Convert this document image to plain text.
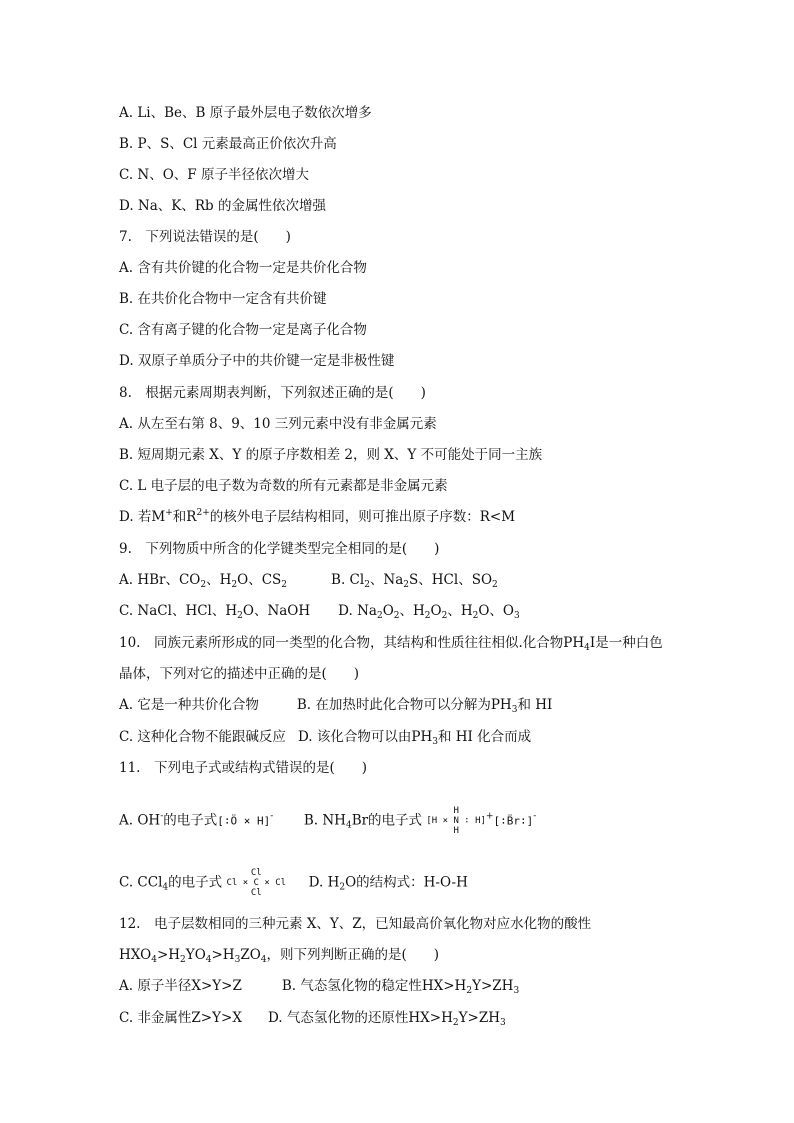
A. Li、Be、B 原子最外层电子数依次增多
B. P、S、Cl 元素最高正价依次升高
C. N、O、F 原子半径依次增大
D. Na、K、Rb 的金属性依次增强
7.　下列说法错误的是(　　)
A. 含有共价键的化合物一定是共价化合物
B. 在共价化合物中一定含有共价键
C. 含有离子键的化合物一定是离子化合物
D. 双原子单质分子中的共价键一定是非极性键
8.　根据元素周期表判断，下列叙述正确的是(　　)
A. 从左至右第 8、9、10 三列元素中没有非金属元素
B. 短周期元素 X、Y 的原子序数相差 2，则 X、Y 不可能处于同一主族
C. L 电子层的电子数为奇数的所有元素都是非金属元素
D. 若M+和$R^{2+}$的核外电子层结构相同，则可推出原子序数：R<M
9.　下列物质中所含的化学键类型完全相同的是(　　)
A. HBr、$CO_2$、$H_2O$、$CS_2$	B. $Cl_2$、$Na_2S$、HCl、$SO_2$
C. NaCl、HCl、$H_2O$、NaOH D. $Na_2O_2$、$H_2O_2$、$H_2O$、$O_3$
10.　同族元素所形成的同一类型的化合物，其结构和性质往往相似.化合物$PH_4I$是一种白色
晶体，下列对它的描述中正确的是(　　)
A. 它是一种共价化合物	B. 在加热时此化合物可以分解为$PH_3$和 HI
C. 这种化合物不能跟碱反应 D. 该化合物可以由$PH_3$和 HI 化合而成
11.　下列电子式或结构式错误的是(　　)
A. OH-的电子式[∶Ö ⨯ H]- B. $NH_4Br$的电子式 H
[H ⨯ N ∶ H]
H+[∶B̈r∶]-
C. CCl$_4$的电子式 Cl
Cl ⨯ C ⨯ Cl
Cl  D. $H_2O$的结构式：H-O-H
12.　电子层数相同的三种元素 X、Y、Z，已知最高价氧化物对应水化物的酸性
$HXO_4>H_2YO_4>H_3ZO_4$，则下列判断正确的是(　　)
A. 原子半径X>Y>Z	B. 气态氢化物的稳定性$HX>H_2Y>ZH_3$
C. 非金属性Z>Y>X D. 气态氢化物的还原性$HX>H_2Y>ZH_3$
